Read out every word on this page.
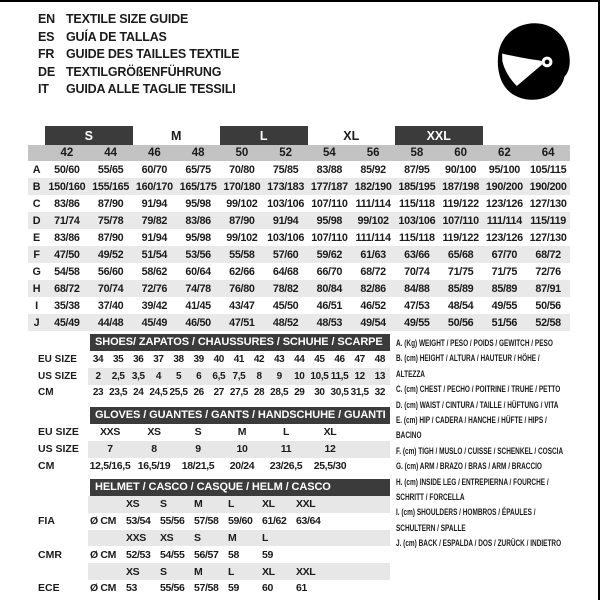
EN TEXTILE SIZE GUIDE
ES GUÍA DE TALLAS
FR GUIDE DES TAILLES TEXTILE
DE TEXTILGRÖßENFÜHRUNG
IT	GUIDA ALLE TAGLIE TESSILI
	S		M		L		XL		XXL			
	42	44	46	48	50	52	54	56	58	60	62	64
A	50/60	55/65	60/70	65/75	70/80	75/85	83/88	85/92	87/95	90/100	95/100	105/115
B	150/160	155/165	160/170	165/175	170/180	173/183	177/187	182/190	185/195	187/198	190/200	190/200
C	83/86	87/90	91/94	95/98	99/102	103/106	107/110	111/114	115/118	119/122	123/126	127/130
D	71/74	75/78	79/82	83/86	87/90	91/94	95/98	99/102	103/106	107/110	111/114	115/119
E	83/86	87/90	91/94	95/98	99/102	103/106	107/110	111/114	115/118	119/122	123/126	127/130
F	47/50	49/52	51/54	53/56	55/58	57/60	59/62	61/63	63/66	65/68	67/70	68/72
G	54/58	56/60	58/62	60/64	62/66	64/68	66/70	68/72	70/74	71/75	71/75	72/76
H	68/72	70/74	72/76	74/78	76/80	78/82	80/84	82/86	84/88	85/89	85/89	87/91
I	35/38	37/40	39/42	41/45	43/47	45/50	46/51	46/52	47/53	48/54	49/55	50/56
J	45/49	44/48	45/49	46/50	47/51	48/52	48/53	49/54	49/55	50/56	51/56	52/58
SHOES/ ZAPATOS / CHAUSSURES / SCHUHE / SCARPE
EU SIZE	34	35	36	37	38	39	40	41	42	43	44	45	46	47	48
US SIZE	2	2,5	3,5	4	5	6	6,5	7,5	8	9	10	10,5	11,5	12	13
CM	23	23,5	24	24,5	25,5	26	27	27,5	28	28,5	29	30	30,5	31,5	32
GLOVES / GUANTES / GANTS / HANDSCHUHE / GUANTI
EU SIZE	XXS	XS	S	M	L	XL	
US SIZE	7	8	9	10	11	12	
CM	12,5/16,5	16,5/19	18/21,5	20/24	23/26,5	25,5/30	
HELMET / CASCO / CASQUE / HELM / CASCO
		XS	S	M	L	XL	XXL	
FIA	Ø CM	53/54	55/56	57/58	59/60	61/62	63/64	
		XXS	XS	S	M	L		
CMR	Ø CM	52/53	54/55	56/57	58	59		
		XS	S	M	L	XL	XXL	
ECE	Ø CM	53	55/56	57/58	59	60	61	
A. (Kg) WEIGHT / PESO / POIDS / GEWITCH / PESO
B. (cm) HEIGHT / ALTURA / HAUTEUR / HÖHE / ALTEZZA
C. (cm) CHEST / PECHO / POITRINE / TRUHE / PETTO
D. (cm) WAIST / CINTURA / TAILLE / HÜFTUNG / VITA
E. (cm) HIP / CADERA / HANCHE / HÜFTE / HIPS / BACINO
F. (cm) TIGH / MUSLO / CUISSE / SCHENKEL / COSCIA
G. (cm) ARM / BRAZO / BRAS / ARM / BRACCIO
H. (cm) INSIDE LEG / ENTREPIERNA / FOURCHE / SCHRITT / FORCELLA
I. (cm) SHOULDERS / HOMBROS / ÉPAULES / SCHULTERN / SPALLE
J. (cm) BACK / ESPALDA / DOS / ZURÜCK / INDIETRO
